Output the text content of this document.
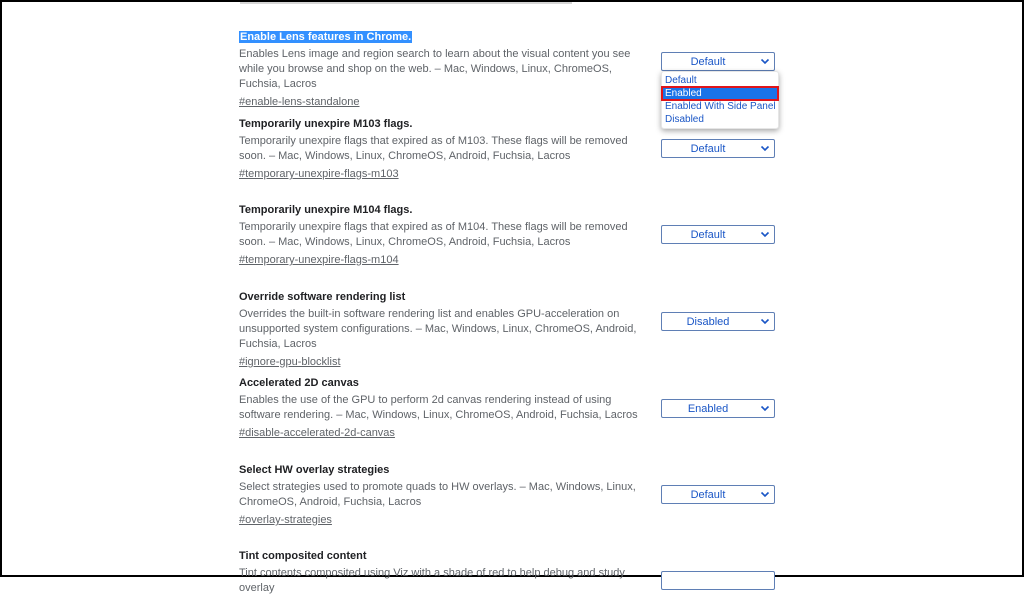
Enable Lens features in Chrome.
Enables Lens image and region search to learn about the visual content you see while you browse and shop on the web. – Mac, Windows, Linux, ChromeOS, Fuchsia, Lacros
#enable-lens-standalone
Default
Temporarily unexpire M103 flags.
Temporarily unexpire flags that expired as of M103. These flags will be removed soon. – Mac, Windows, Linux, ChromeOS, Android, Fuchsia, Lacros
#temporary-unexpire-flags-m103
Default
Temporarily unexpire M104 flags.
Temporarily unexpire flags that expired as of M104. These flags will be removed soon. – Mac, Windows, Linux, ChromeOS, Android, Fuchsia, Lacros
#temporary-unexpire-flags-m104
Default
Override software rendering list
Overrides the built-in software rendering list and enables GPU-acceleration on unsupported system configurations. – Mac, Windows, Linux, ChromeOS, Android, Fuchsia, Lacros
#ignore-gpu-blocklist
Disabled
Accelerated 2D canvas
Enables the use of the GPU to perform 2d canvas rendering instead of using software rendering. – Mac, Windows, Linux, ChromeOS, Android, Fuchsia, Lacros
#disable-accelerated-2d-canvas
Enabled
Select HW overlay strategies
Select strategies used to promote quads to HW overlays. – Mac, Windows, Linux, ChromeOS, Android, Fuchsia, Lacros
#overlay-strategies
Default
Tint composited content
Tint contents composited using Viz with a shade of red to help debug and study overlay
Default
Enabled
Enabled With Side Panel
Disabled
